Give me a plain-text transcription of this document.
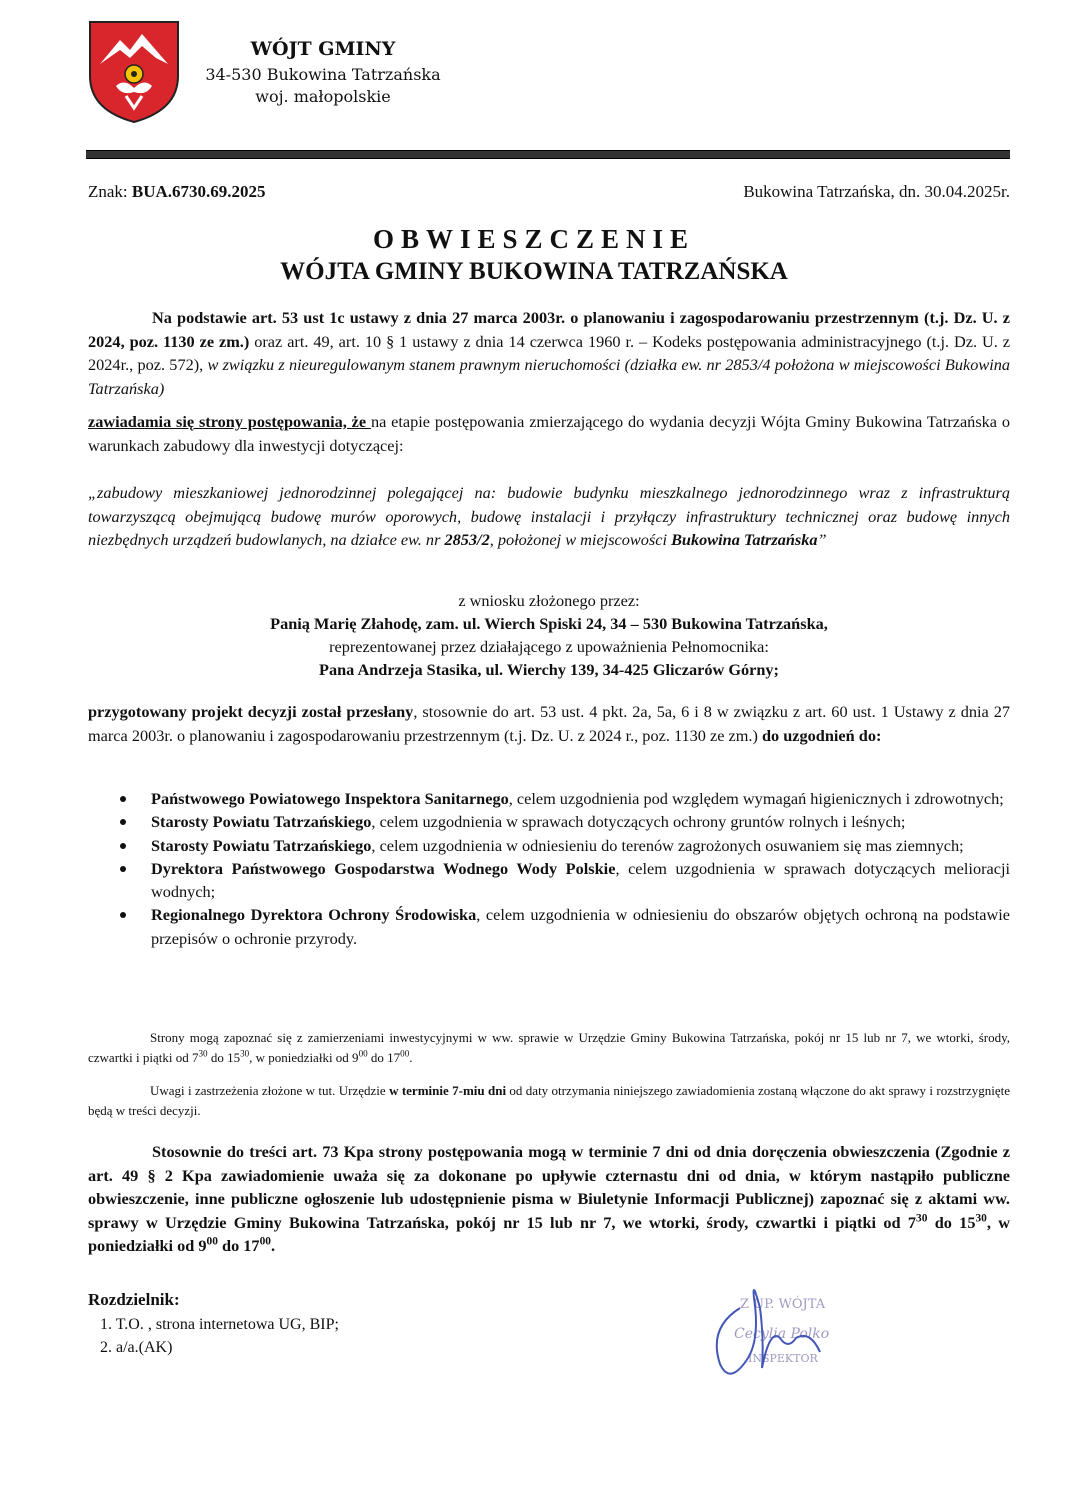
WÓJT GMINY
34-530 Bukowina Tatrzańska
woj. małopolskie
Znak: BUA.6730.69.2025	Bukowina Tatrzańska, dn. 30.04.2025r.
OBWIESZCZENIE
WÓJTA GMINY BUKOWINA TATRZAŃSKA
Na podstawie art. 53 ust 1c ustawy z dnia 27 marca 2003r. o planowaniu i zagospodarowaniu przestrzennym (t.j. Dz. U. z 2024, poz. 1130 ze zm.) oraz art. 49, art. 10 § 1 ustawy z dnia 14 czerwca 1960 r. – Kodeks postępowania administracyjnego (t.j. Dz. U. z 2024r., poz. 572), w związku z nieuregulowanym stanem prawnym nieruchomości (działka ew. nr 2853/4 położona w miejscowości Bukowina Tatrzańska)
zawiadamia się strony postępowania, że na etapie postępowania zmierzającego do wydania decyzji Wójta Gminy Bukowina Tatrzańska o warunkach zabudowy dla inwestycji dotyczącej:
„zabudowy mieszkaniowej jednorodzinnej polegającej na: budowie budynku mieszkalnego jednorodzinnego wraz z infrastrukturą towarzyszącą obejmującą budowę murów oporowych, budowę instalacji i przyłączy infrastruktury technicznej oraz budowę innych niezbędnych urządzeń budowlanych, na działce ew. nr 2853/2, położonej w miejscowości Bukowina Tatrzańska”
z wniosku złożonego przez:
Panią Marię Złahodę, zam. ul. Wierch Spiski 24, 34 – 530 Bukowina Tatrzańska,
reprezentowanej przez działającego z upoważnienia Pełnomocnika:
Pana Andrzeja Stasika, ul. Wierchy 139, 34-425 Gliczarów Górny;
przygotowany projekt decyzji został przesłany, stosownie do art. 53 ust. 4 pkt. 2a, 5a, 6 i 8 w związku z art. 60 ust. 1 Ustawy z dnia 27 marca 2003r. o planowaniu i zagospodarowaniu przestrzennym (t.j. Dz. U. z 2024 r., poz. 1130 ze zm.) do uzgodnień do:
Państwowego Powiatowego Inspektora Sanitarnego, celem uzgodnienia pod względem wymagań higienicznych i zdrowotnych;
Starosty Powiatu Tatrzańskiego, celem uzgodnienia w sprawach dotyczących ochrony gruntów rolnych i leśnych;
Starosty Powiatu Tatrzańskiego, celem uzgodnienia w odniesieniu do terenów zagrożonych osuwaniem się mas ziemnych;
Dyrektora Państwowego Gospodarstwa Wodnego Wody Polskie, celem uzgodnienia w sprawach dotyczących melioracji wodnych;
Regionalnego Dyrektora Ochrony Środowiska, celem uzgodnienia w odniesieniu do obszarów objętych ochroną na podstawie przepisów o ochronie przyrody.
Strony mogą zapoznać się z zamierzeniami inwestycyjnymi w ww. sprawie w Urzędzie Gminy Bukowina Tatrzańska, pokój nr 15 lub nr 7, we wtorki, środy, czwartki i piątki od $7^{30}$ do $15^{30}$, w poniedziałki od $9^{00}$ do $17^{00}$.
Uwagi i zastrzeżenia złożone w tut. Urzędzie w terminie 7-miu dni od daty otrzymania niniejszego zawiadomienia zostaną włączone do akt sprawy i rozstrzygnięte będą w treści decyzji.
Stosownie do treści art. 73 Kpa strony postępowania mogą w terminie 7 dni od dnia doręczenia obwieszczenia (Zgodnie z art. 49 § 2 Kpa zawiadomienie uważa się za dokonane po upływie czternastu dni od dnia, w którym nastąpiło publiczne obwieszczenie, inne publiczne ogłoszenie lub udostępnienie pisma w Biuletynie Informacji Publicznej) zapoznać się z aktami ww. sprawy w Urzędzie Gminy Bukowina Tatrzańska, pokój nr 15 lub nr 7, we wtorki, środy, czwartki i piątki od $7^{30}$ do $15^{30}$, w poniedziałki od $9^{00}$ do $17^{00}$.
Rozdzielnik:
1. T.O. , strona internetowa UG, BIP;
2. a/a.(AK)
Z UP. WÓJTA
Cecylia Polko
INSPEKTOR
